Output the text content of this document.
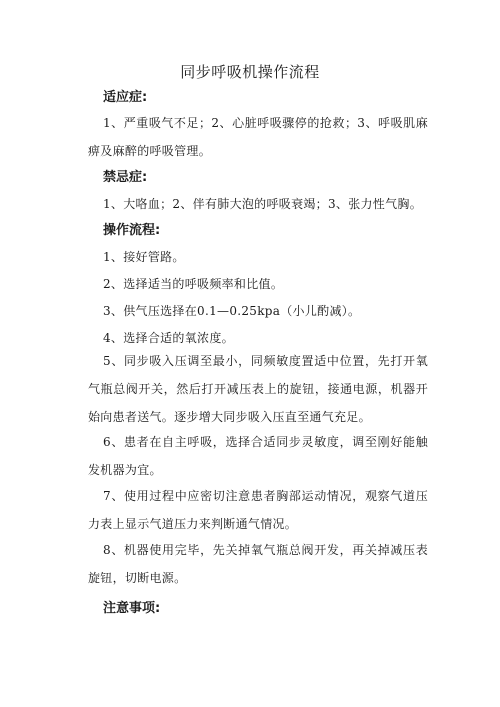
同步呼吸机操作流程
适应症:
1、严重吸气不足；2、心脏呼吸骤停的抢救；3、呼吸肌麻痹及麻醉的呼吸管理。
禁忌症:
1、大咯血；2、伴有肺大泡的呼吸衰竭；3、张力性气胸。
操作流程:
1、接好管路。
2、选择适当的呼吸频率和比值。
3、供气压选择在0.1—0.25kpa（小儿酌减）。
4、选择合适的氧浓度。
5、同步吸入压调至最小，同频敏度置适中位置，先打开氧气瓶总阀开关，然后打开减压表上的旋钮，接通电源，机器开始向患者送气。逐步增大同步吸入压直至通气充足。
6、患者在自主呼吸，选择合适同步灵敏度，调至刚好能触发机器为宜。
7、使用过程中应密切注意患者胸部运动情况，观察气道压力表上显示气道压力来判断通气情况。
8、机器使用完毕，先关掉氧气瓶总阀开发，再关掉减压表旋钮，切断电源。
注意事项:
